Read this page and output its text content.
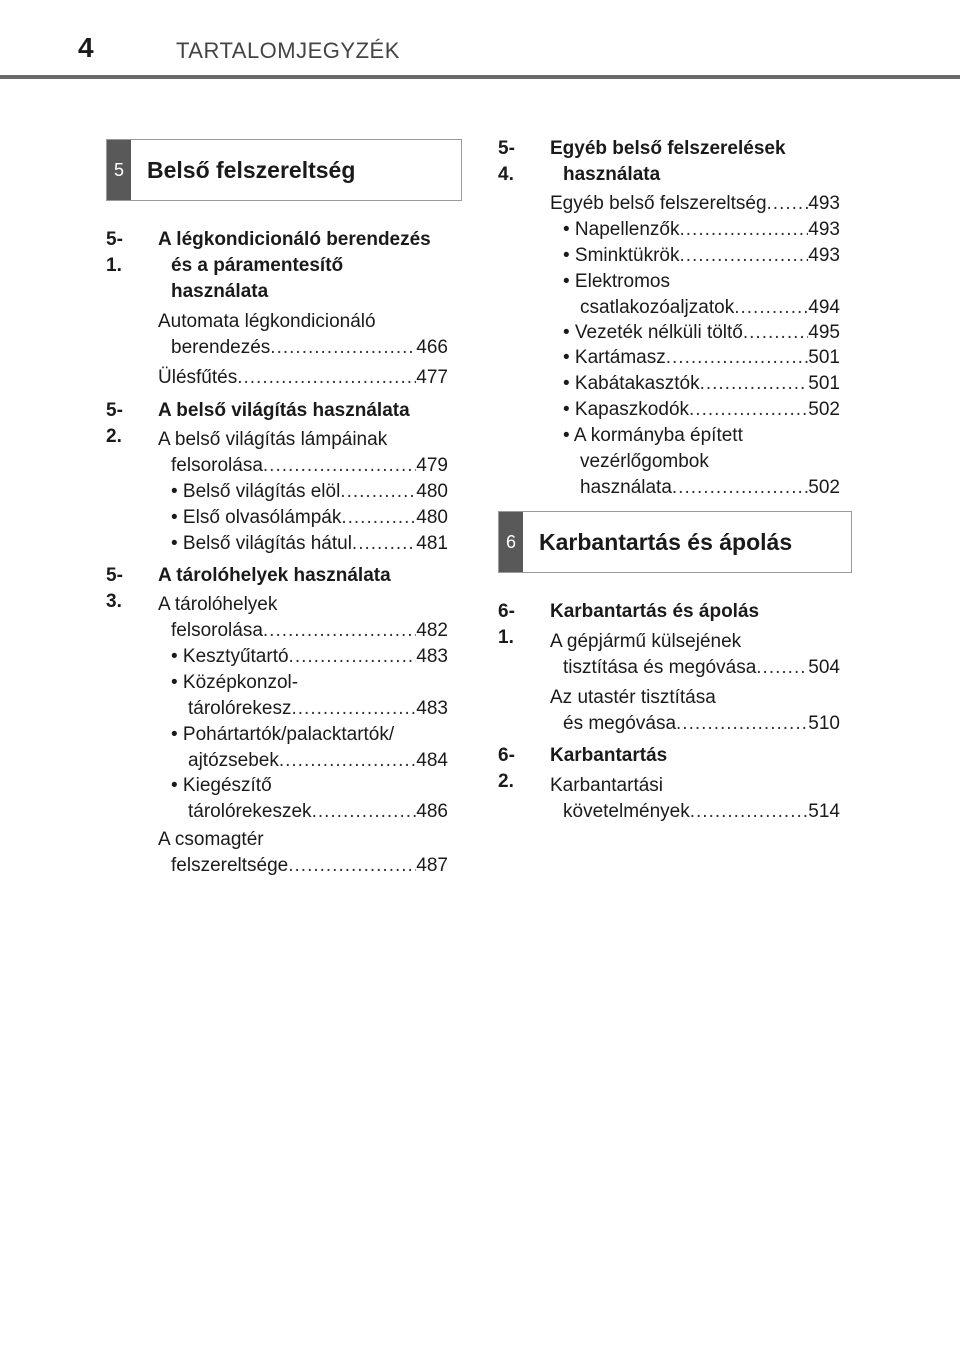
4	TARTALOMJEGYZÉK
5	Belső felszereltség
5-1.
A légkondicionáló berendezés
és a páramentesítő
használata
Automata légkondicionáló
berendezés .....	466
Ülésfűtés .....	477
5-2.
A belső világítás használata
A belső világítás lámpáinak
felsorolása .....	479
• Belső világítás elöl .....	480
• Első olvasólámpák .....	480
• Belső világítás hátul .....	481
5-3.
A tárolóhelyek használata
A tárolóhelyek
felsorolása .....	482
• Kesztyűtartó .....	483
• Középkonzol-
tárolórekesz .....	483
• Pohártartók/palacktartók/
ajtózsebek .....	484
• Kiegészítő
tárolórekeszek .....	486
A csomagtér
felszereltsége .....	487
5-4.
Egyéb belső felszerelések
használata
Egyéb belső felszereltség ..... 493
• Napellenzők .....	493
• Sminktükrök .....	493
• Elektromos
csatlakozóaljzatok .....	494
• Vezeték nélküli töltő .....	495
• Kartámasz .....	501
• Kabátakasztók .....	501
• Kapaszkodók .....	502
• A kormányba épített
vezérlőgombok
használata .....	502
6	Karbantartás és ápolás
6-1.
Karbantartás és ápolás
A gépjármű külsejének
tisztítása és megóvása .....	504
Az utastér tisztítása
és megóvása .....	510
6-2.
Karbantartás
Karbantartási
követelmények .....	514
